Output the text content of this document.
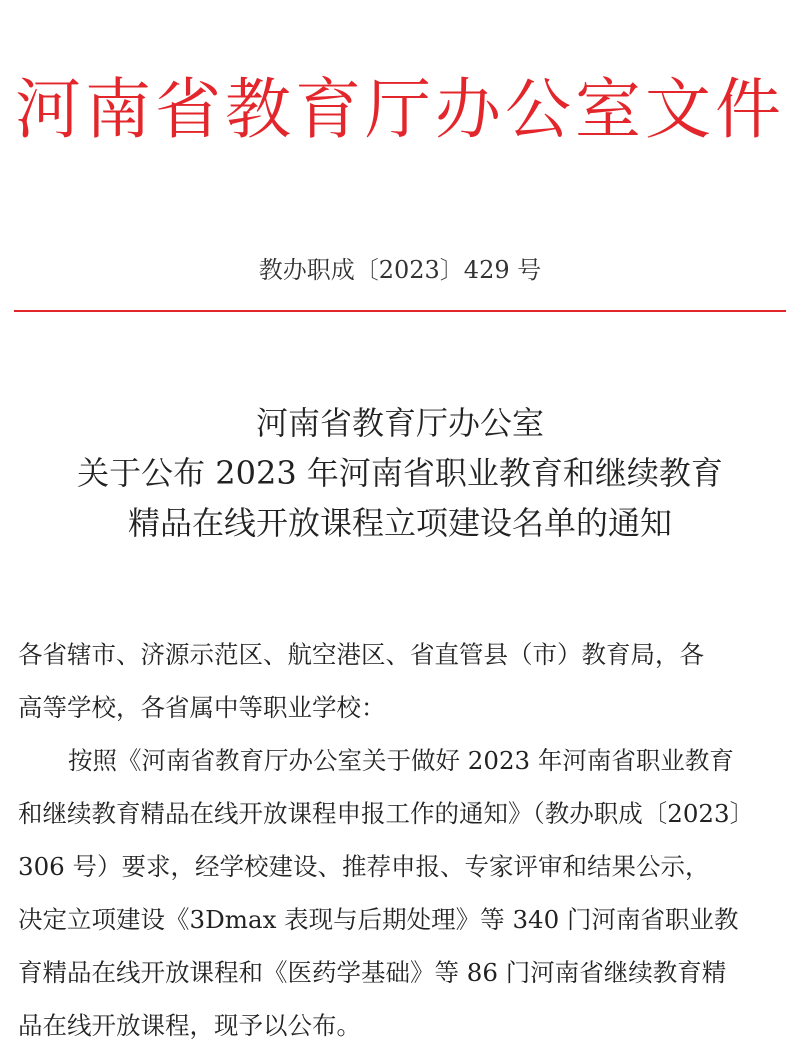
河南省教育厅办公室文件
教办职成〔2023〕429 号
河南省教育厅办公室
关于公布 2023 年河南省职业教育和继续教育
精品在线开放课程立项建设名单的通知
各省辖市、济源示范区、航空港区、省直管县（市）教育局，各
高等学校，各省属中等职业学校：
按照《河南省教育厅办公室关于做好 2023 年河南省职业教育
和继续教育精品在线开放课程申报工作的通知》（教办职成〔2023〕
306 号）要求，经学校建设、推荐申报、专家评审和结果公示，
决定立项建设《3Dmax 表现与后期处理》等 340 门河南省职业教
育精品在线开放课程和《医药学基础》等 86 门河南省继续教育精
品在线开放课程，现予以公布。
